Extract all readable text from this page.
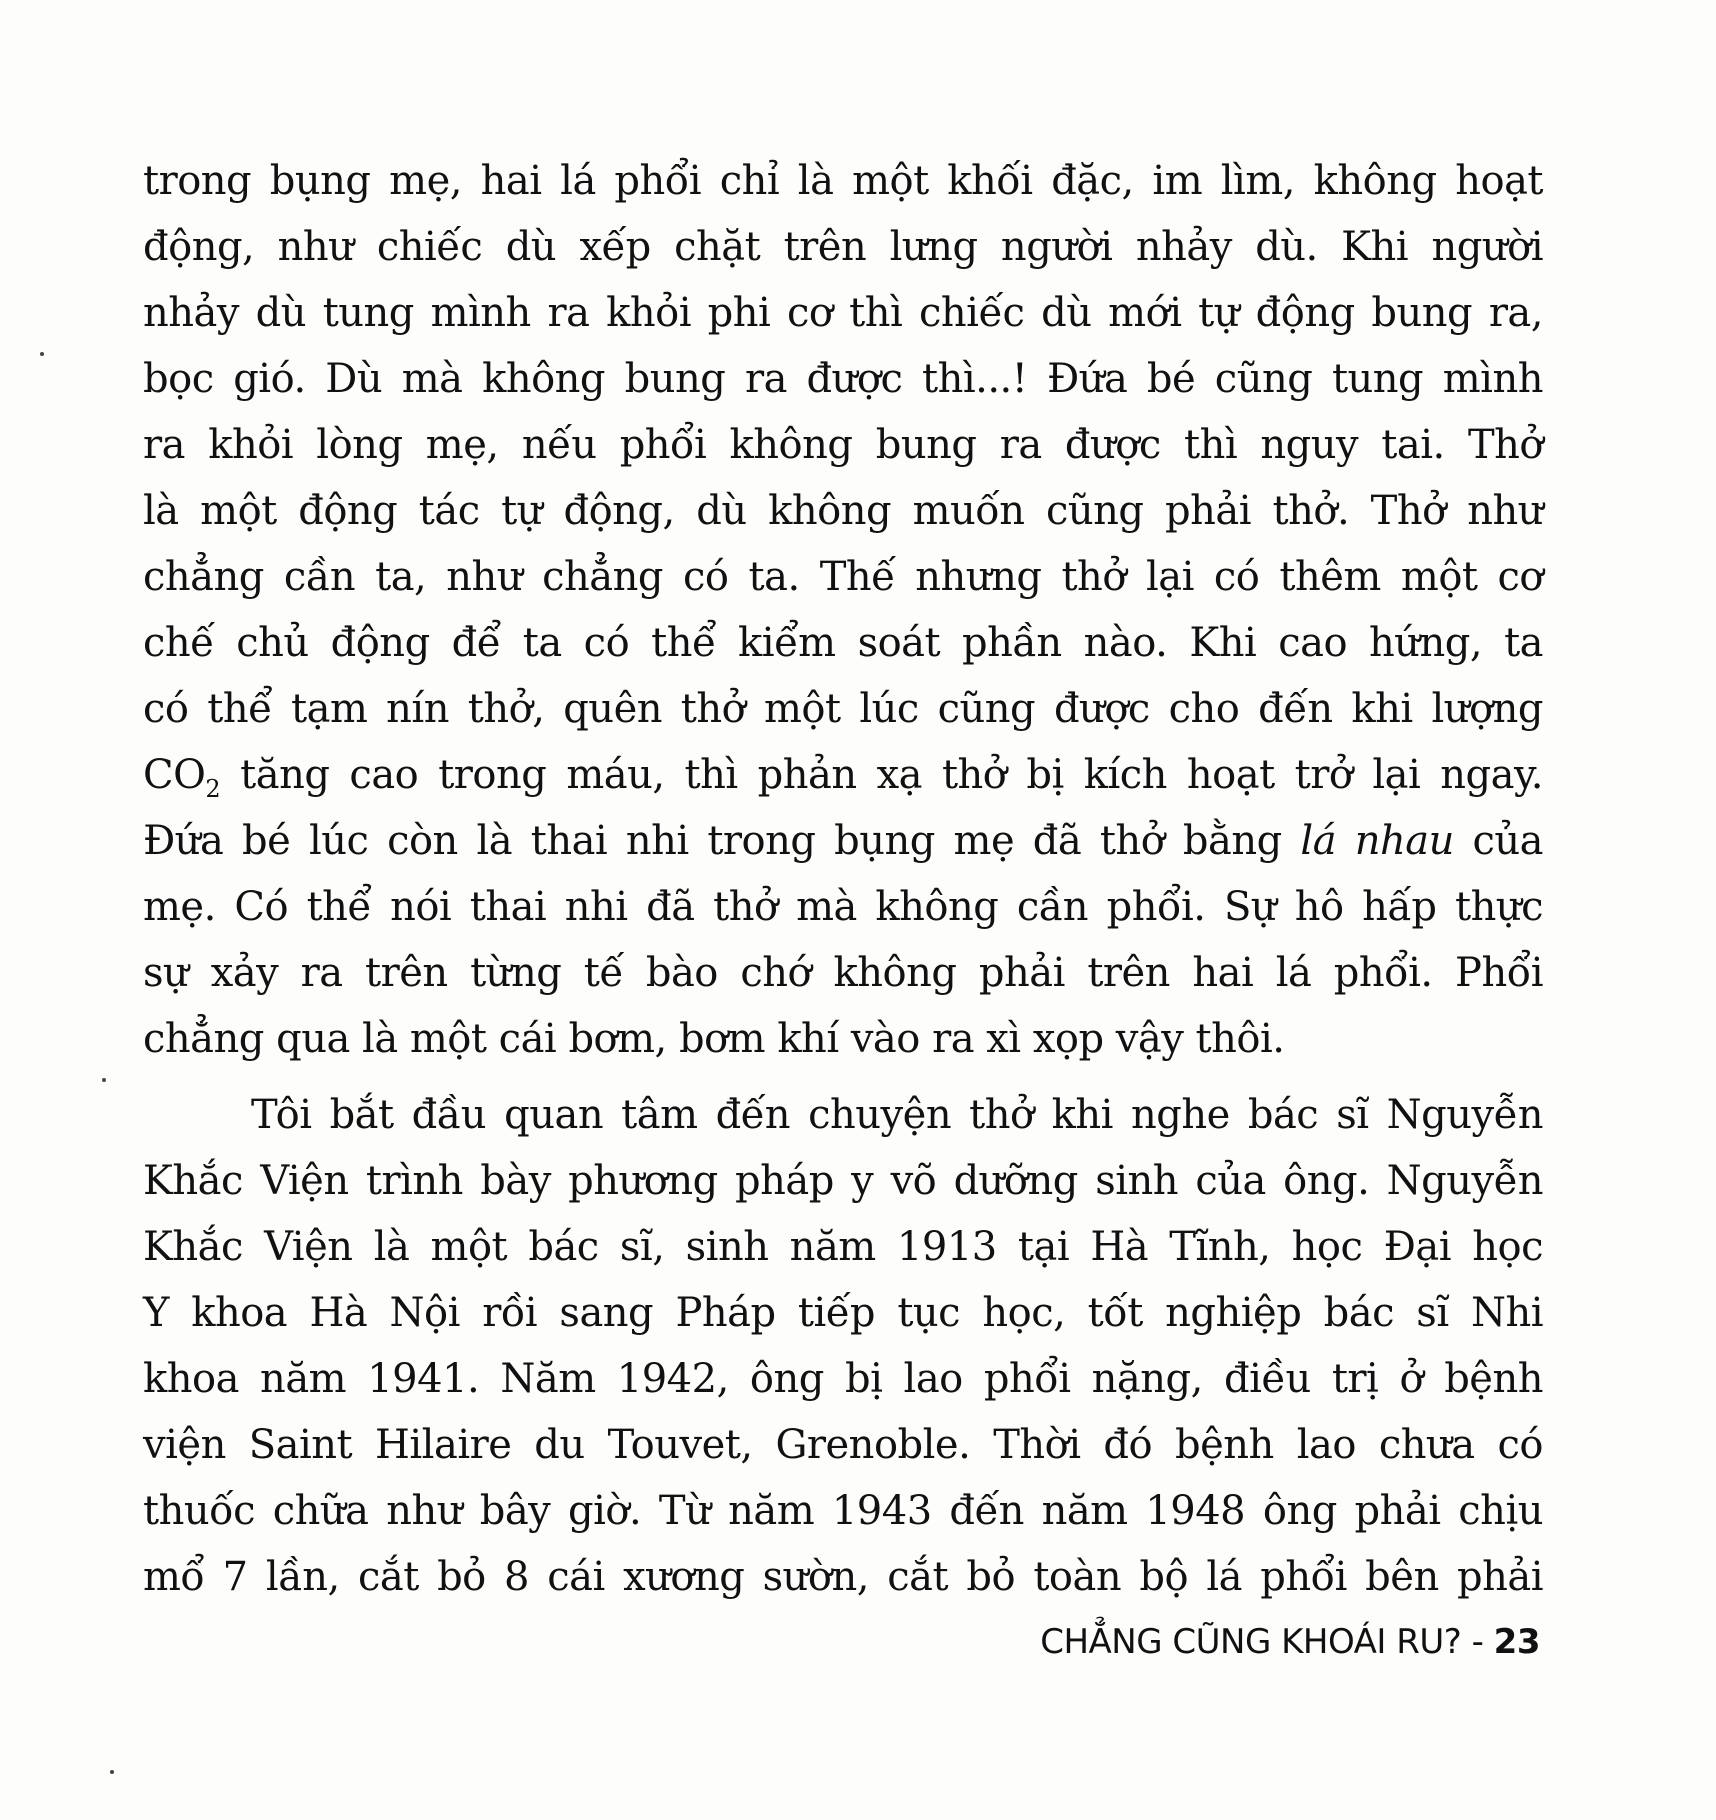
trong bụng mẹ, hai lá phổi chỉ là một khối đặc, im lìm, không hoạt
động, như chiếc dù xếp chặt trên lưng người nhảy dù. Khi người
nhảy dù tung mình ra khỏi phi cơ thì chiếc dù mới tự động bung ra,
bọc gió. Dù mà không bung ra được thì...! Đứa bé cũng tung mình
ra khỏi lòng mẹ, nếu phổi không bung ra được thì nguy tai. Thở
là một động tác tự động, dù không muốn cũng phải thở. Thở như
chẳng cần ta, như chẳng có ta. Thế nhưng thở lại có thêm một cơ
chế chủ động để ta có thể kiểm soát phần nào. Khi cao hứng, ta
có thể tạm nín thở, quên thở một lúc cũng được cho đến khi lượng
$CO_2$ tăng cao trong máu, thì phản xạ thở bị kích hoạt trở lại ngay.
Đứa bé lúc còn là thai nhi trong bụng mẹ đã thở bằng lá nhau của
mẹ. Có thể nói thai nhi đã thở mà không cần phổi. Sự hô hấp thực
sự xảy ra trên từng tế bào chớ không phải trên hai lá phổi. Phổi
chẳng qua là một cái bơm, bơm khí vào ra xì xọp vậy thôi.
Tôi bắt đầu quan tâm đến chuyện thở khi nghe bác sĩ Nguyễn
Khắc Viện trình bày phương pháp y võ dưỡng sinh của ông. Nguyễn
Khắc Viện là một bác sĩ, sinh năm 1913 tại Hà Tĩnh, học Đại học
Y khoa Hà Nội rồi sang Pháp tiếp tục học, tốt nghiệp bác sĩ Nhi
khoa năm 1941. Năm 1942, ông bị lao phổi nặng, điều trị ở bệnh
viện Saint Hilaire du Touvet, Grenoble. Thời đó bệnh lao chưa có
thuốc chữa như bây giờ. Từ năm 1943 đến năm 1948 ông phải chịu
mổ 7 lần, cắt bỏ 8 cái xương sườn, cắt bỏ toàn bộ lá phổi bên phải
CHẲNG CŨNG KHOÁI RU? - 23
